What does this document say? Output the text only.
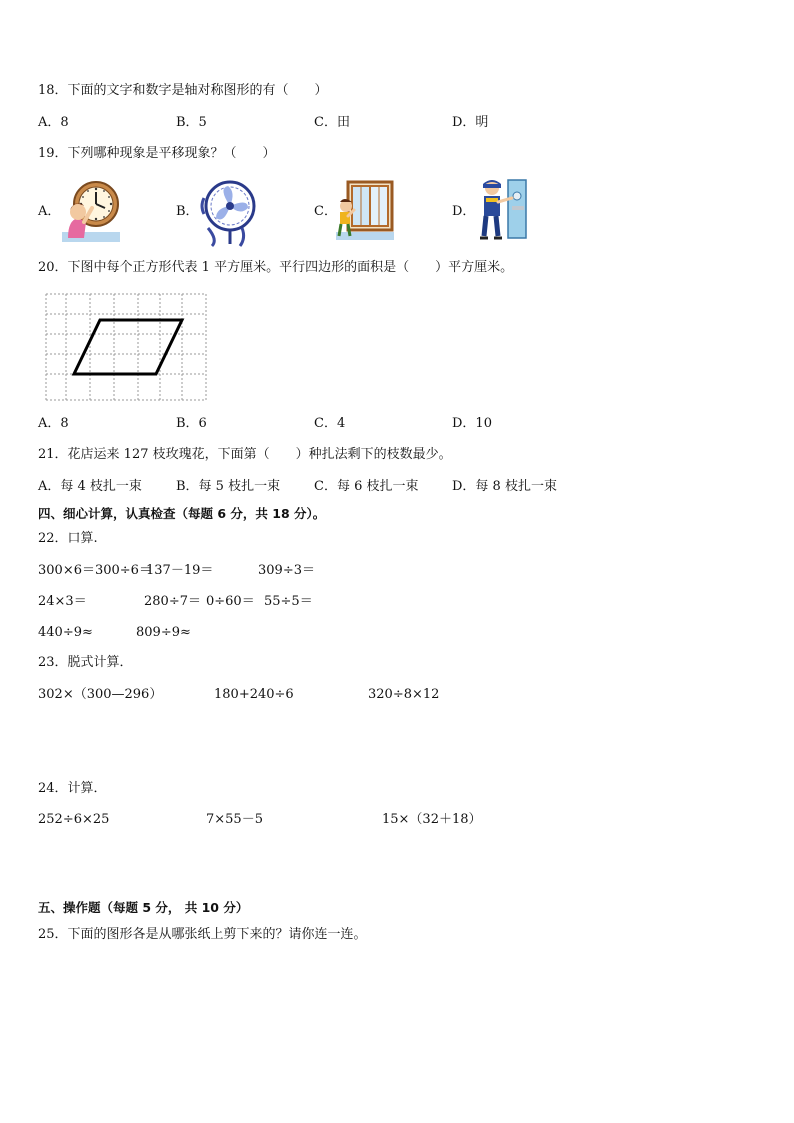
18．下面的文字和数字是轴对称图形的有（　　）
A．8	B．5	C．田	D．明
19．下列哪种现象是平移现象？（　　）
A．	B．	C．	D．
20．下图中每个正方形代表 1 平方厘米。平行四边形的面积是（　　）平方厘米。
A．8	B．6	C．4	D．10
21．花店运来 127 枝玫瑰花，下面第（　　）种扎法剩下的枝数最少。
A．每 4 枝扎一束	B．每 5 枝扎一束	C．每 6 枝扎一束	D．每 8 枝扎一束
四、细心计算，认真检查（每题 6 分，共 18 分）。
22．口算.
300×6＝300÷6＝
137－19＝	309÷3＝
24×3＝	280÷7＝ 0÷60＝ 55÷5＝
440÷9≈	809÷9≈
23．脱式计算．
302×（300—296）	180+240÷6	320÷8×12
24．计算．
252÷6×25	7×55－5	15×（32＋18）
五、操作题（每题 5 分， 共 10 分）
25．下面的图形各是从哪张纸上剪下来的？请你连一连。
